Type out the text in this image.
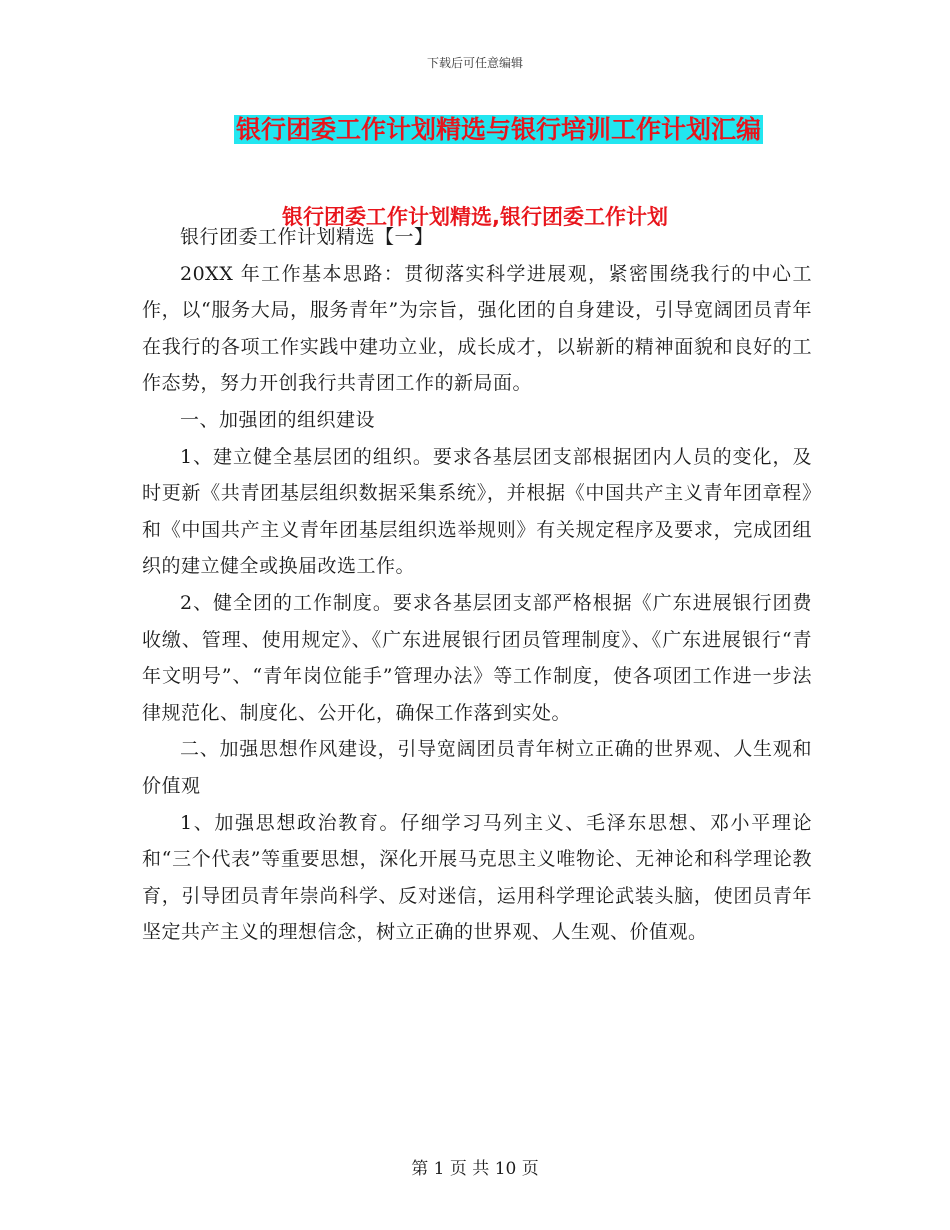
下载后可任意编辑
银行团委工作计划精选与银行培训工作计划汇编
银行团委工作计划精选,银行团委工作计划

银行团委工作计划精选【一】

20XX 年工作基本思路：贯彻落实科学进展观，紧密围绕我行的中心工作，以“服务大局，服务青年”为宗旨，强化团的自身建设，引导宽阔团员青年在我行的各项工作实践中建功立业，成长成才，以崭新的精神面貌和良好的工作态势，努力开创我行共青团工作的新局面。

一、加强团的组织建设

1、建立健全基层团的组织。要求各基层团支部根据团内人员的变化，及时更新《共青团基层组织数据采集系统》，并根据《中国共产主义青年团章程》和《中国共产主义青年团基层组织选举规则》有关规定程序及要求，完成团组织的建立健全或换届改选工作。

2、健全团的工作制度。要求各基层团支部严格根据《广东进展银行团费收缴、管理、使用规定》、《广东进展银行团员管理制度》、《广东进展银行“青年文明号”、“青年岗位能手”管理办法》等工作制度，使各项团工作进一步法律规范化、制度化、公开化，确保工作落到实处。

二、加强思想作风建设，引导宽阔团员青年树立正确的世界观、人生观和价值观

1、加强思想政治教育。仔细学习马列主义、毛泽东思想、邓小平理论和“三个代表”等重要思想，深化开展马克思主义唯物论、无神论和科学理论教育，引导团员青年崇尚科学、反对迷信，运用科学理论武装头脑，使团员青年坚定共产主义的理想信念，树立正确的世界观、人生观、价值观。

第 1 页 共 10 页
